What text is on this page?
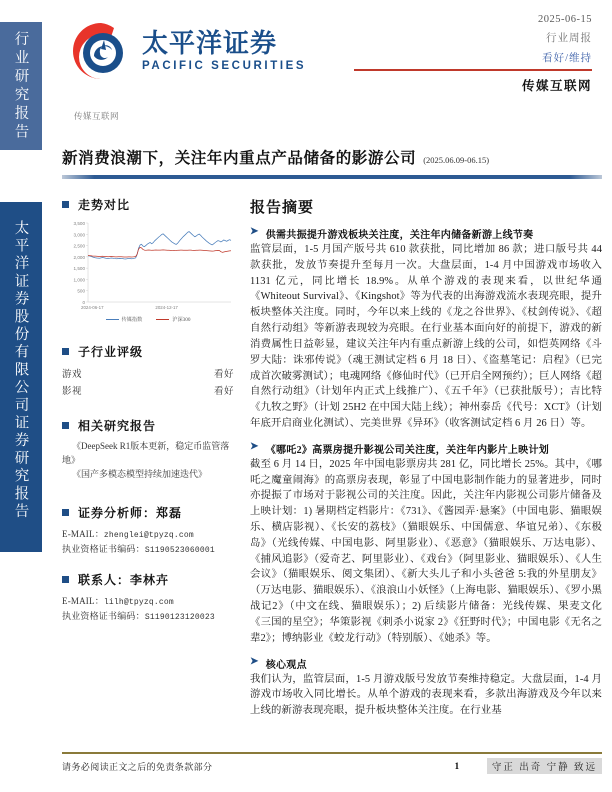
行业研究报告
太平洋证券股份有限公司证券研究报告
太平洋证券
PACIFIC SECURITIES
传媒互联网
2025-06-15
行业周报
看好/维持
传媒互联网
新消费浪潮下，关注年内重点产品储备的影游公司 (2025.06.09-06.15)
走势对比
0
500
1,000
1,500
2,000
2,500
3,000
3,500
2024-06-17	2024-12-17
传媒指数	沪深300
子行业评级
游戏	看好
影视	看好
相关研究报告
《DeepSeek R1版本更新，稳定币监管落地》
《国产多模态模型持续加速迭代》
证券分析师：郑磊
E-MAIL：zhenglei@tpyzq.com
执业资格证书编码：S1190523060001
联系人：李林卉
E-MAIL：lilh@tpyzq.com
执业资格证书编码：S1190123120023
报告摘要
➤ 供需共振提升游戏板块关注度，关注年内储备新游上线节奏
监管层面，1-5 月国产版号共 610 款获批，同比增加 86 款；进口版号共 44 款获批，发放节奏提升至每月一次。大盘层面，1-4 月中国游戏市场收入 1131 亿元，同比增长 18.9%。从单个游戏的表现来看，以世纪华通《Whiteout Survival》、《Kingshot》等为代表的出海游戏流水表现亮眼，提升板块整体关注度。同时，今年以来上线的《龙之谷世界》、《杖剑传说》、《超自然行动组》等新游表现较为亮眼。在行业基本面向好的前提下，游戏的新消费属性日益彰显，建议关注年内有重点新游上线的公司，如恺英网络《斗罗大陆：诛邪传说》（魂王测试定档 6 月 18 日）、《盗墓笔记：启程》（已完成首次破雾测试）；电魂网络《修仙时代》（已开启全网预约）；巨人网络《超自然行动组》（计划年内正式上线推广）、《五千年》（已获批版号）；吉比特《九牧之野》（计划 25H2 在中国大陆上线）；神州泰岳《代号：XCT》（计划年底开启商业化测试）、完美世界《异环》（收客测试定档 6 月 26 日）等。
➤ 《哪吒2》高票房提升影视公司关注度，关注年内影片上映计划
截至 6 月 14 日，2025 年中国电影票房共 281 亿，同比增长 25%。其中，《哪吒之魔童闹海》的高票房表现，彰显了中国电影制作能力的显著进步，同时亦提振了市场对于影视公司的关注度。因此，关注年内影视公司影片储备及上映计划：1) 暑期档定档影片：《731》、《酱园弄·悬案》（中国电影、猫眼娱乐、横店影视）、《长安的荔枝》（猫眼娱乐、中国儒意、华谊兄弟）、《东极岛》（光线传媒、中国电影、阿里影业）、《恶意》（猫眼娱乐、万达电影）、《捕风追影》（爱奇艺、阿里影业）、《戏台》（阿里影业、猫眼娱乐）、《人生会议》（猫眼娱乐、阅文集团）、《新大头儿子和小头爸爸 5:我的外星朋友》（万达电影、猫眼娱乐）、《浪浪山小妖怪》（上海电影、猫眼娱乐）、《罗小黑战记2》（中文在线、猫眼娱乐）；2) 后续影片储备：光线传媒、果麦文化《三国的星空》；华策影视《刺杀小说家 2》《狂野时代》；中国电影《无名之辈2》；博纳影业《蛟龙行动》（特别版）、《她杀》等。
➤ 核心观点
我们认为，监管层面，1-5 月游戏版号发放节奏维持稳定。大盘层面，1-4 月游戏市场收入同比增长。从单个游戏的表现来看，多款出海游戏及今年以来上线的新游表现亮眼，提升板块整体关注度。在行业基
请务必阅读正文之后的免责条款部分	1	守正 出奇 宁静 致远
